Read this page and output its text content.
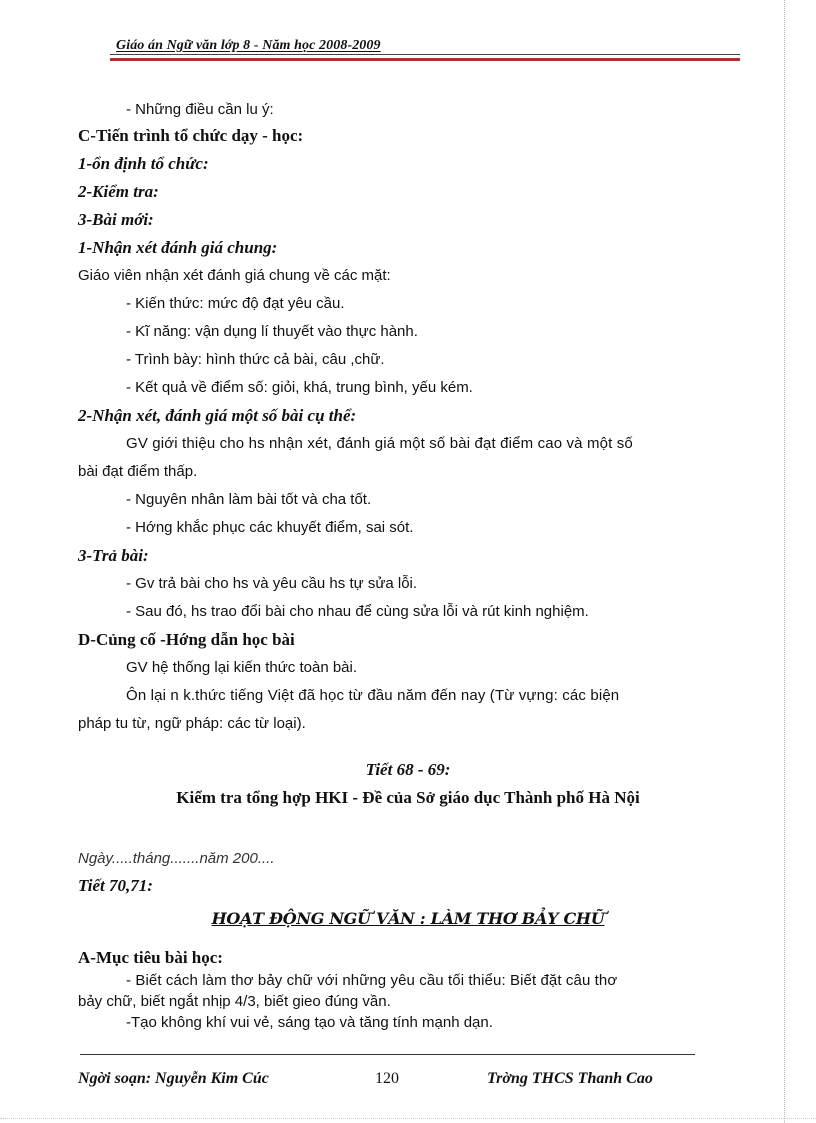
Giáo án Ngữ văn lớp 8 - Năm học 2008-2009
- Những điều cần lu ý:
C-Tiến trình tổ chức dạy - học:
1-ổn định tổ chức:
2-Kiểm tra:
3-Bài mới:
1-Nhận xét đánh giá chung:
Giáo viên nhận xét đánh giá chung về các mặt:
- Kiến thức: mức độ đạt yêu cầu.
- Kĩ năng: vận dụng lí thuyết vào thực hành.
- Trình bày: hình thức cả bài, câu ,chữ.
- Kết quả về điểm số: giỏi, khá, trung bình, yếu kém.
2-Nhận xét, đánh giá một số bài cụ thể:
GV giới thiệu cho hs nhận xét, đánh giá một số bài đạt điểm cao và một số
bài đạt điểm thấp.
- Nguyên nhân làm bài tốt và cha tốt.
- Hớng khắc phục các khuyết điểm, sai sót.
3-Trả bài:
- Gv trả bài cho hs và yêu cầu hs tự sửa lỗi.
- Sau đó, hs trao đổi bài cho nhau để cùng sửa lỗi và rút kinh nghiệm.
D-Củng cố -Hớng dẫn học bài
GV hệ thống lại kiến thức toàn bài.
Ôn lại n k.thức tiếng Việt đã học từ đầu năm đến nay (Từ vựng: các biện
pháp tu từ, ngữ pháp: các từ loại).
Tiết 68 - 69:
Kiểm tra tổng hợp HKI - Đề của Sở giáo dục Thành phố Hà Nội
Ngày.....tháng.......năm 200....
Tiết 70,71:
HOẠT ĐỘNG NGỮ VĂN : LÀM THƠ BẢY CHỮ
A-Mục tiêu bài học:
- Biết cách làm thơ bảy chữ với những yêu cầu tối thiểu: Biết đặt câu thơ
bảy chữ, biết ngắt nhịp 4/3, biết gieo đúng vần.
-Tạo không khí vui vẻ, sáng tạo và tăng tính mạnh dạn.
Ngời soạn: Nguyễn Kim Cúc	120	Trờng THCS Thanh Cao
